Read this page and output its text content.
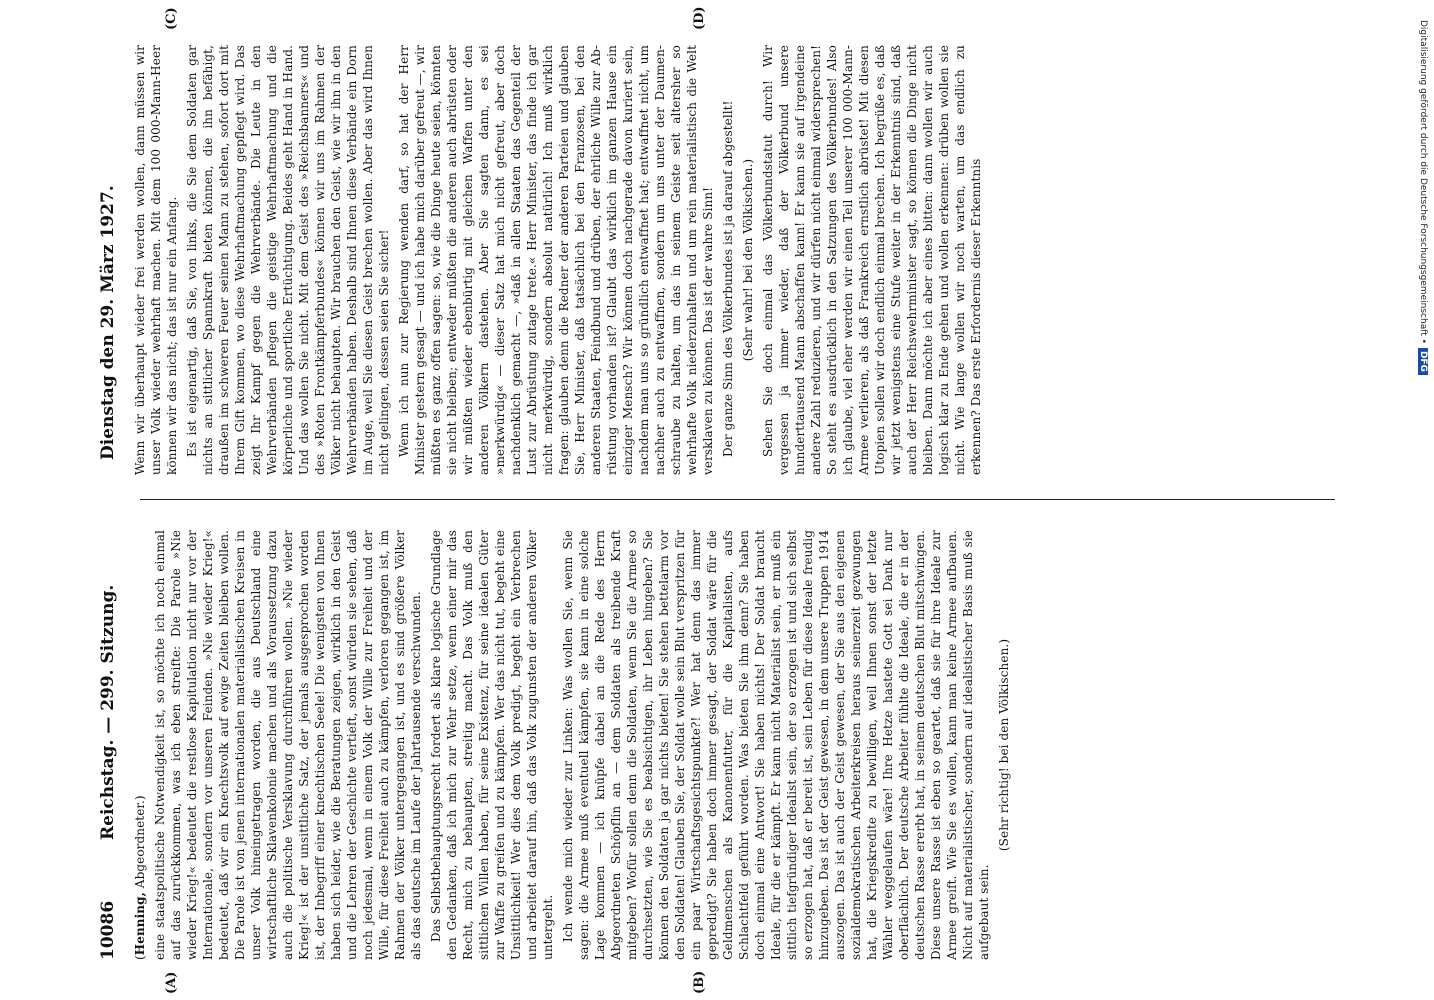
10086
Reichstag. — 299. Sitzung.
Dienstag den 29. März 1927.
(A)	(B)
(C)	(D)

(Henning, Abgeordneter.) eine staatspolitische Notwendigkeit ist, so möchte ich noch einmal auf das zurückkommen, was ich eben streifte: Die Parole »Nie wieder Krieg!« bedeutet die restlose Kapitulation nicht nur vor der Internationale, sondern vor unseren Feinden. »Nie wieder Krieg!« bedeutet, daß wir ein Knechtsvolk auf ewige Zeiten bleiben wollen. Die Parole ist von jenen internationalen materialistischen Kreisen in unser Volk hineingetragen worden, die aus Deutschland eine wirtschaftliche Sklavenkolonie machen und als Voraussetzung dazu auch die politische Versklavung durchführen wollen. »Nie wieder Krieg!« ist der unsittliche Satz, der jemals ausgesprochen worden ist, der Inbegriff einer knechtischen Seele! Die wenigsten von Ihnen haben sich leider, wie die Beratungen zeigen, wirklich in den Geist und die Lehren der Geschichte vertieft, sonst würden sie sehen, daß noch jedesmal, wenn in einem Volk der Wille zur Freiheit und der Wille, für diese Freiheit auch zu kämpfen, verloren gegangen ist, im Rahmen der Völker untergegangen ist, und es sind größere Völker als das deutsche im Laufe der Jahrtausende verschwunden. Das Selbstbehauptungsrecht fordert als klare logische Grundlage den Gedanken, daß ich mich zur Wehr setze, wenn einer mir das Recht, mich zu behaupten, streitig macht. Das Volk muß den sittlichen Willen haben, für seine Existenz, für seine idealen Güter zur Waffe zu greifen und zu kämpfen. Wer das nicht tut, begeht eine Unsittlichkeit! Wer dies dem Volk predigt, begeht ein Verbrechen und arbeitet darauf hin, daß das Volk zugunsten der anderen Völker untergeht. Ich wende mich wieder zur Linken: Was wollen Sie, wenn Sie sagen: die Armee muß eventuell kämpfen, sie kann in eine solche Lage kommen — ich knüpfe dabei an die Rede des Herrn Abgeordneten Schöpflin an — dem Soldaten als treibende Kraft mitgeben? Wofür sollen denn die Soldaten, wenn Sie die Armee so durchsetzten, wie Sie es beabsichtigen, ihr Leben hingeben? Sie können den Soldaten ja gar nichts bieten! Sie stehen bettelarm vor den Soldaten! Glauben Sie, der Soldat wolle sein Blut verspritzen für ein paar Wirtschaftsgesichtspunkte?! Wer hat denn das immer gepredigt? Sie haben doch immer gesagt, der Soldat wäre für die Geldmenschen als Kanonenfutter, für die Kapitalisten, aufs Schlachtfeld geführt worden. Was bieten Sie ihm denn? Sie haben doch einmal eine Antwort! Sie haben nichts! Der Soldat braucht Ideale, für die er kämpft. Er kann nicht Materialist sein, er muß ein sittlich tiefgründiger Idealist sein, der so erzogen ist und sich selbst so erzogen hat, daß er bereit ist, sein Leben für diese Ideale freudig hinzugeben. Das ist der Geist gewesen, in dem unsere Truppen 1914 auszogen. Das ist auch der Geist gewesen, der Sie aus den eigenen sozialdemokratischen Arbeiterkreisen heraus seinerzeit gezwungen hat, die Kriegskredite zu bewilligen, weil Ihnen sonst der letzte Wähler weggelaufen wäre! Ihre Hetze hastete Gott sei Dank nur oberflächlich. Der deutsche Arbeiter fühlte die Ideale, die er in der deutschen Rasse ererbt hat, in seinem deutschen Blut mitschwingen. Diese unsere Rasse ist eben so geartet, daß sie für ihre Ideale zur Armee greift. Wie Sie es wollen, kann man keine Armee aufbauen. Nicht auf materialistischer, sondern auf idealistischer Basis muß sie aufgebaut sein.

(Sehr richtig! bei den Völkischen.)

Wenn wir überhaupt wieder frei werden wollen, dann müssen wir unser Volk wieder wehrhaft machen. Mit dem 100 000-Mann-Heer können wir das nicht; das ist nur ein Anfang. Es ist eigenartig, daß Sie, von links, die Sie dem Soldaten gar nichts an sittlicher Spannkraft bieten können, die ihn befähigt, draußen im schweren Feuer seinen Mann zu stehen, sofort dort mit Ihrem Gift kommen, wo diese Wehrhaftmachung gepflegt wird. Das zeigt Ihr Kampf gegen die Wehrverbände. Die Leute in den Wehrverbänden pflegen die geistige Wehrhaftmachung und die körperliche und sportliche Ertüchtigung. Beides geht Hand in Hand. Und das wollen Sie nicht. Mit dem Geist des »Reichsbanners« und des »Roten Frontkämpferbundes« können wir uns im Rahmen der Völker nicht behaupten. Wir brauchen den Geist, wie wir ihn in den Wehrverbänden haben. Deshalb sind Ihnen diese Verbände ein Dorn im Auge, weil Sie diesen Geist brechen wollen. Aber das wird Ihnen nicht gelingen, dessen seien Sie sicher! Wenn ich nun zur Regierung wenden darf, so hat der Herr Minister gestern gesagt — und ich habe mich darüber gefreut —, wir müßten es ganz offen sagen: so, wie die Dinge heute seien, könnten sie nicht bleiben; entweder müßten die anderen auch abrüsten oder wir müßten wieder ebenbürtig mit gleichen Waffen unter den anderen Völkern dastehen. Aber Sie sagten dann, es sei »merkwürdig« — dieser Satz hat mich nicht gefreut, aber doch nachdenklich gemacht —, »daß in allen Staaten das Gegenteil der Lust zur Abrüstung zutage trete.« Herr Minister, das finde ich gar nicht merkwürdig, sondern absolut natürlich! Ich muß wirklich fragen: glauben denn die Redner der anderen Parteien und glauben Sie, Herr Minister, daß tatsächlich bei den Franzosen, bei den anderen Staaten, Feindbund und drüben, der ehrliche Wille zur Abrüstung vorhanden ist? Glaubt das wirklich im ganzen Hause ein einziger Mensch? Wir können doch nachgerade davon kuriert sein, nachdem man uns so gründlich entwaffnet hat; entwaffnet nicht, um nachher auch zu entwaffnen, sondern um uns unter der Daumenschraube zu halten, um das in seinem Geiste seit altersher so wehrhafte Volk niederzuhalten und um rein materialistisch die Welt versklaven zu können. Das ist der wahre Sinn! Der ganze Sinn des Völkerbundes ist ja darauf abgestellt! (Sehr wahr! bei den Völkischen.) Sehen Sie doch einmal das Völkerbundstatut durch! Wir vergessen ja immer wieder, daß der Völkerbund unsere hunderttausend Mann abschaffen kann! Er kann sie auf irgendeine andere Zahl reduzieren, und wir dürfen nicht einmal widersprechen! So steht es ausdrücklich in den Satzungen des Völkerbundes! Also ich glaube, viel eher werden wir einen Teil unserer 100 000-Mann-Armee verlieren, als daß Frankreich ernstlich abrüstet! Mit diesen Utopien sollen wir doch endlich einmal brechen. Ich begrüße es, daß wir jetzt wenigstens eine Stufe weiter in der Erkenntnis sind, daß auch der Herr Reichswehrminister sagt, so können die Dinge nicht bleiben. Dann möchte ich aber eines bitten: dann wollen wir auch logisch klar zu Ende gehen und wollen erkennen: drüben wollen sie nicht. Wie lange wollen wir noch warten, um das endlich zu erkennen? Das erste Erfordernis dieser Erkenntnis	Digitalisierung gefördert durch die Deutsche Forschungsgemeinschaft •DFG
